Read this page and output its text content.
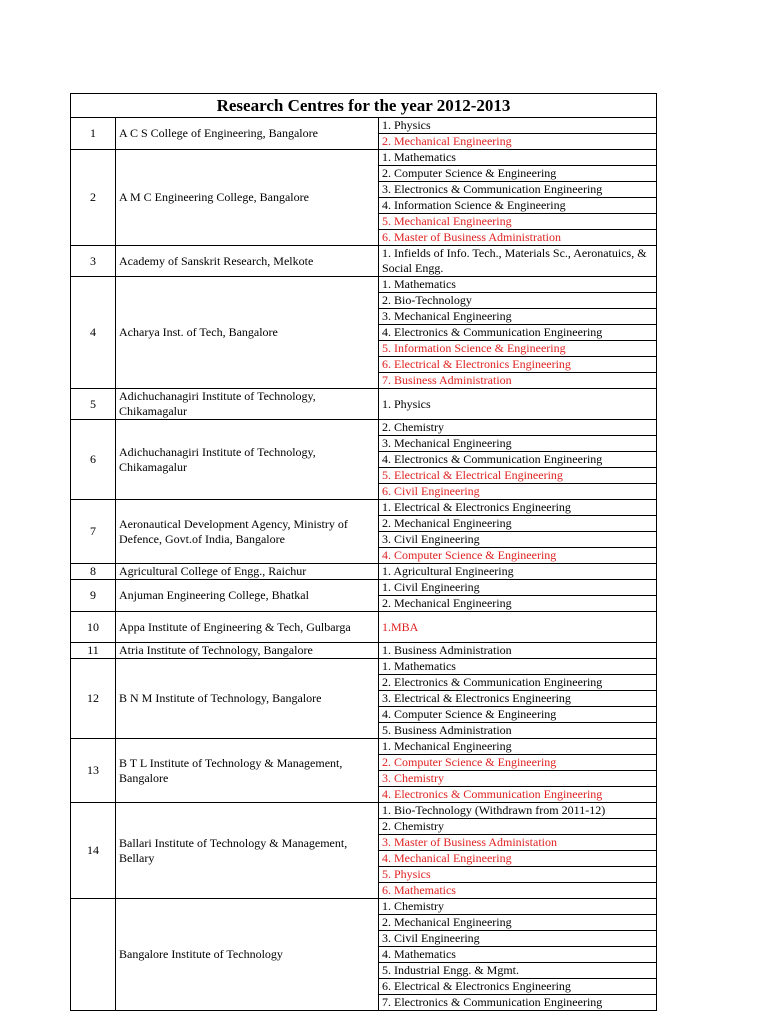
Research Centres for the year 2012-2013		
1	A C S College of Engineering, Bangalore	1. Physics
		2. Mechanical Engineering
2	A M C Engineering College, Bangalore	1. Mathematics
		2. Computer Science & Engineering
		3. Electronics & Communication Engineering
		4. Information Science & Engineering
		5. Mechanical Engineering
		6. Master of Business Administration
3	Academy of Sanskrit Research, Melkote	1. Infields of Info. Tech., Materials Sc., Aeronatuics, & Social Engg.
4	Acharya Inst. of Tech, Bangalore	1. Mathematics
		2. Bio-Technology
		3. Mechanical Engineering
		4. Electronics & Communication Engineering
		5. Information Science & Engineering
		6. Electrical & Electronics Engineering
		7. Business Administration
5	Adichuchanagiri Institute of Technology, Chikamagalur	1. Physics
6	Adichuchanagiri Institute of Technology, Chikamagalur	2. Chemistry
		3. Mechanical Engineering
		4. Electronics & Communication Engineering
		5. Electrical & Electrical Engineering
		6. Civil Engineering
7	Aeronautical Development Agency, Ministry of Defence, Govt.of India, Bangalore	1. Electrical & Electronics Engineering
		2. Mechanical Engineering
		3. Civil Engineering
		4. Computer Science & Engineering
8	Agricultural College of Engg., Raichur	1. Agricultural Engineering
9	Anjuman Engineering College, Bhatkal	1. Civil Engineering
		2. Mechanical Engineering
10	Appa Institute of Engineering & Tech, Gulbarga	1.MBA
11	Atria Institute of Technology, Bangalore	1. Business Administration
12	B N M Institute of Technology, Bangalore	1. Mathematics
		2. Electronics & Communication Engineering
		3. Electrical & Electronics Engineering
		4. Computer Science & Engineering
		5. Business Administration
13	B T L Institute of Technology & Management, Bangalore	1. Mechanical Engineering
		2. Computer Science & Engineering
		3. Chemistry
		4. Electronics & Communication Engineering
14	Ballari Institute of Technology & Management, Bellary	1. Bio-Technology (Withdrawn from 2011-12)
		2. Chemistry
		3. Master of Business Administation
		4. Mechanical Engineering
		5. Physics
		6. Mathematics
	Bangalore Institute of Technology	1. Chemistry
		2. Mechanical Engineering
		3. Civil Engineering
		4. Mathematics
		5. Industrial Engg. & Mgmt.
		6. Electrical & Electronics Engineering
		7. Electronics & Communication Engineering
